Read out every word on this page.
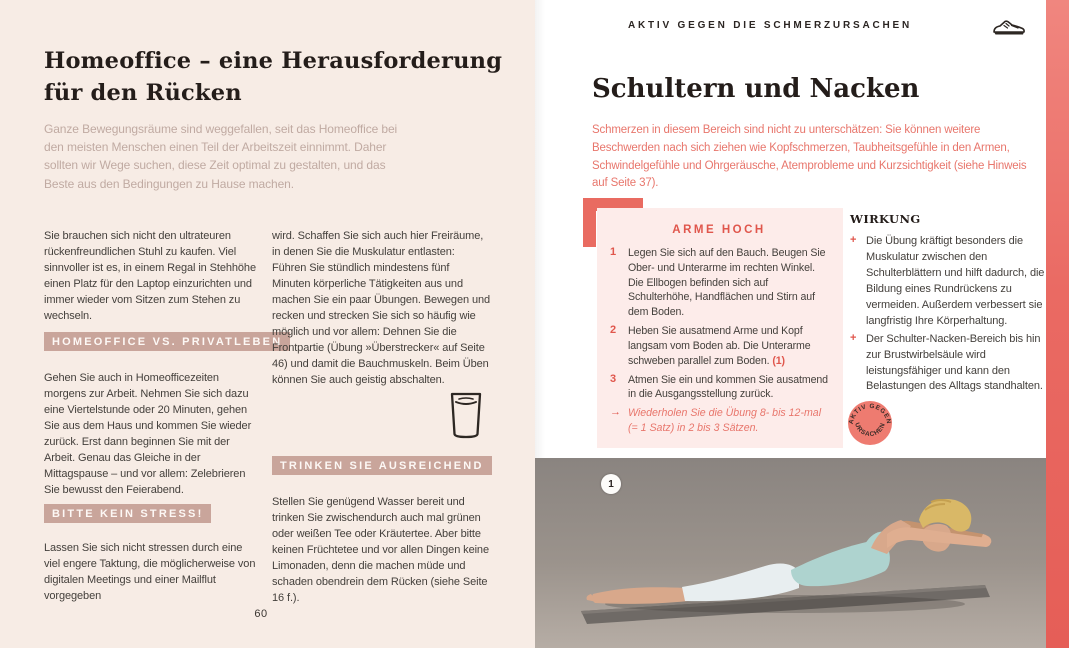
Homeoffice – eine Herausforderung für den Rücken

Ganze Bewegungsräume sind weggefallen, seit das Homeoffice bei den meisten Menschen einen Teil der Arbeitszeit einnimmt. Daher sollten wir Wege suchen, diese Zeit optimal zu gestalten, und das Beste aus den Bedingungen zu Hause machen.

Sie brauchen sich nicht den ultrateuren rückenfreundlichen Stuhl zu kaufen. Viel sinnvoller ist es, in einem Regal in Stehhöhe einen Platz für den Laptop einzurichten und immer wieder vom Sitzen zum Stehen zu wechseln.

HOMEOFFICE VS. PRIVATLEBEN

Gehen Sie auch in Homeofficezeiten morgens zur Arbeit. Nehmen Sie sich dazu eine Viertelstunde oder 20 Minuten, gehen Sie aus dem Haus und kommen Sie wieder zurück. Erst dann beginnen Sie mit der Arbeit. Genau das Gleiche in der Mittagspause – und vor allem: Zelebrieren Sie bewusst den Feierabend.

BITTE KEIN STRESS!

Lassen Sie sich nicht stressen durch eine viel engere Taktung, die möglicherweise von digitalen Meetings und einer Mailflut vorgegeben

wird. Schaffen Sie sich auch hier Freiräume, in denen Sie die Muskulatur entlasten: Führen Sie stündlich mindestens fünf Minuten körperliche Tätigkeiten aus und machen Sie ein paar Übungen. Bewegen und recken und strecken Sie sich so häufig wie möglich und vor allem: Dehnen Sie die Frontpartie (Übung »Überstrecker« auf Seite 46) und damit die Bauchmuskeln. Beim Üben können Sie auch geistig abschalten.

TRINKEN SIE AUSREICHEND

Stellen Sie genügend Wasser bereit und trinken Sie zwischendurch auch mal grünen oder weißen Tee oder Kräutertee. Aber bitte keinen Früchtetee und vor allen Dingen keine Limonaden, denn die machen müde und schaden obendrein dem Rücken (siehe Seite 16 f.).

60
AKTIV GEGEN DIE SCHMERZURSACHEN
Schultern und Nacken

Schmerzen in diesem Bereich sind nicht zu unterschätzen: Sie können weitere Beschwerden nach sich ziehen wie Kopfschmerzen, Taubheitsgefühle in den Armen, Schwindelgefühle und Ohrgeräusche, Atemprobleme und Kurzsichtigkeit (siehe Hinweis auf Seite 37).

ARME HOCH
1	Legen Sie sich auf den Bauch. Beugen Sie Ober- und Unterarme im rechten Winkel. Die Ellbogen befinden sich auf Schulterhöhe, Handflächen und Stirn auf dem Boden.
2	Heben Sie ausatmend Arme und Kopf langsam vom Boden ab. Die Unterarme schweben parallel zum Boden. (1)
3	Atmen Sie ein und kommen Sie ausatmend in die Ausgangsstellung zurück.
→ Wiederholen Sie die Übung 8- bis 12-mal (= 1 Satz) in 2 bis 3 Sätzen.
WIRKUNG
+ Die Übung kräftigt besonders die Muskulatur zwischen den Schulterblättern und hilft dadurch, die Bildung eines Rundrückens zu vermeiden. Außerdem verbessert sie langfristig Ihre Körperhaltung.
+ Der Schulter-Nacken-Bereich bis hin zur Brustwirbelsäule wird leistungsfähiger und kann den Belastungen des Alltags standhalten.
AKTIV GEGEN
URSACHEN
1
